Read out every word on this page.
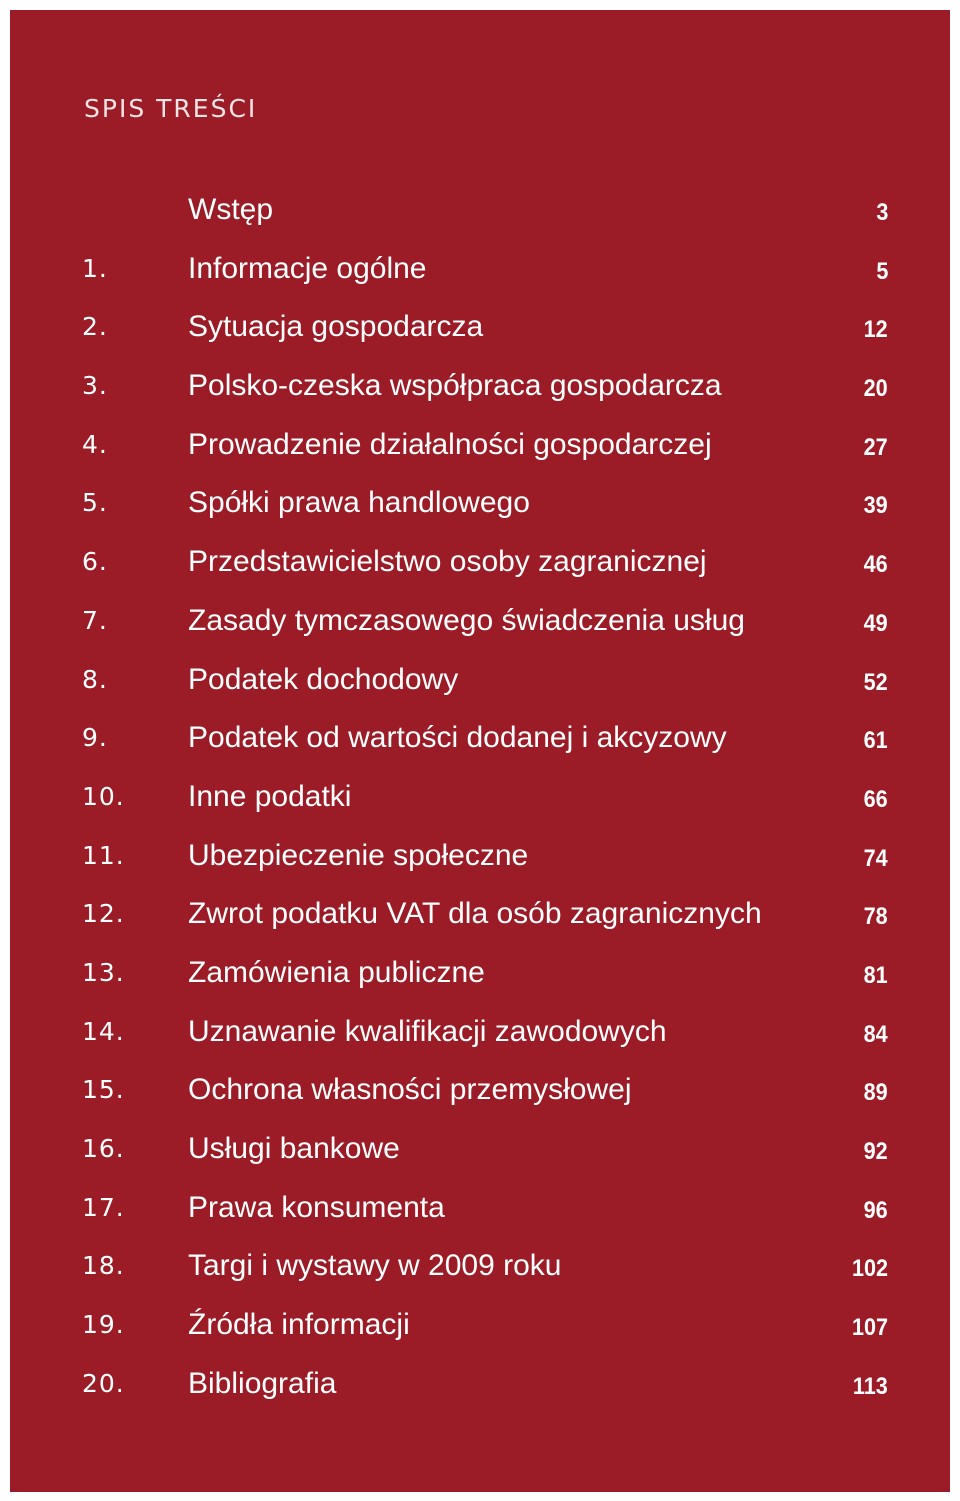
SPIS TREŚCI
Wstęp	3
1.	Informacje ogólne	5
2.	Sytuacja gospodarcza	12
3.	Polsko-czeska współpraca gospodarcza	20
4.	Prowadzenie działalności gospodarczej	27
5.	Spółki prawa handlowego	39
6.	Przedstawicielstwo osoby zagranicznej	46
7.	Zasady tymczasowego świadczenia usług	49
8.	Podatek dochodowy	52
9.	Podatek od wartości dodanej i akcyzowy	61
10. Inne podatki	66
11. Ubezpieczenie społeczne	74
12. Zwrot podatku VAT dla osób zagranicznych	78
13. Zamówienia publiczne	81
14. Uznawanie kwalifikacji zawodowych	84
15. Ochrona własności przemysłowej	89
16. Usługi bankowe	92
17. Prawa konsumenta	96
18. Targi i wystawy w 2009 roku	102
19. Źródła informacji	107
20. Bibliografia	113
